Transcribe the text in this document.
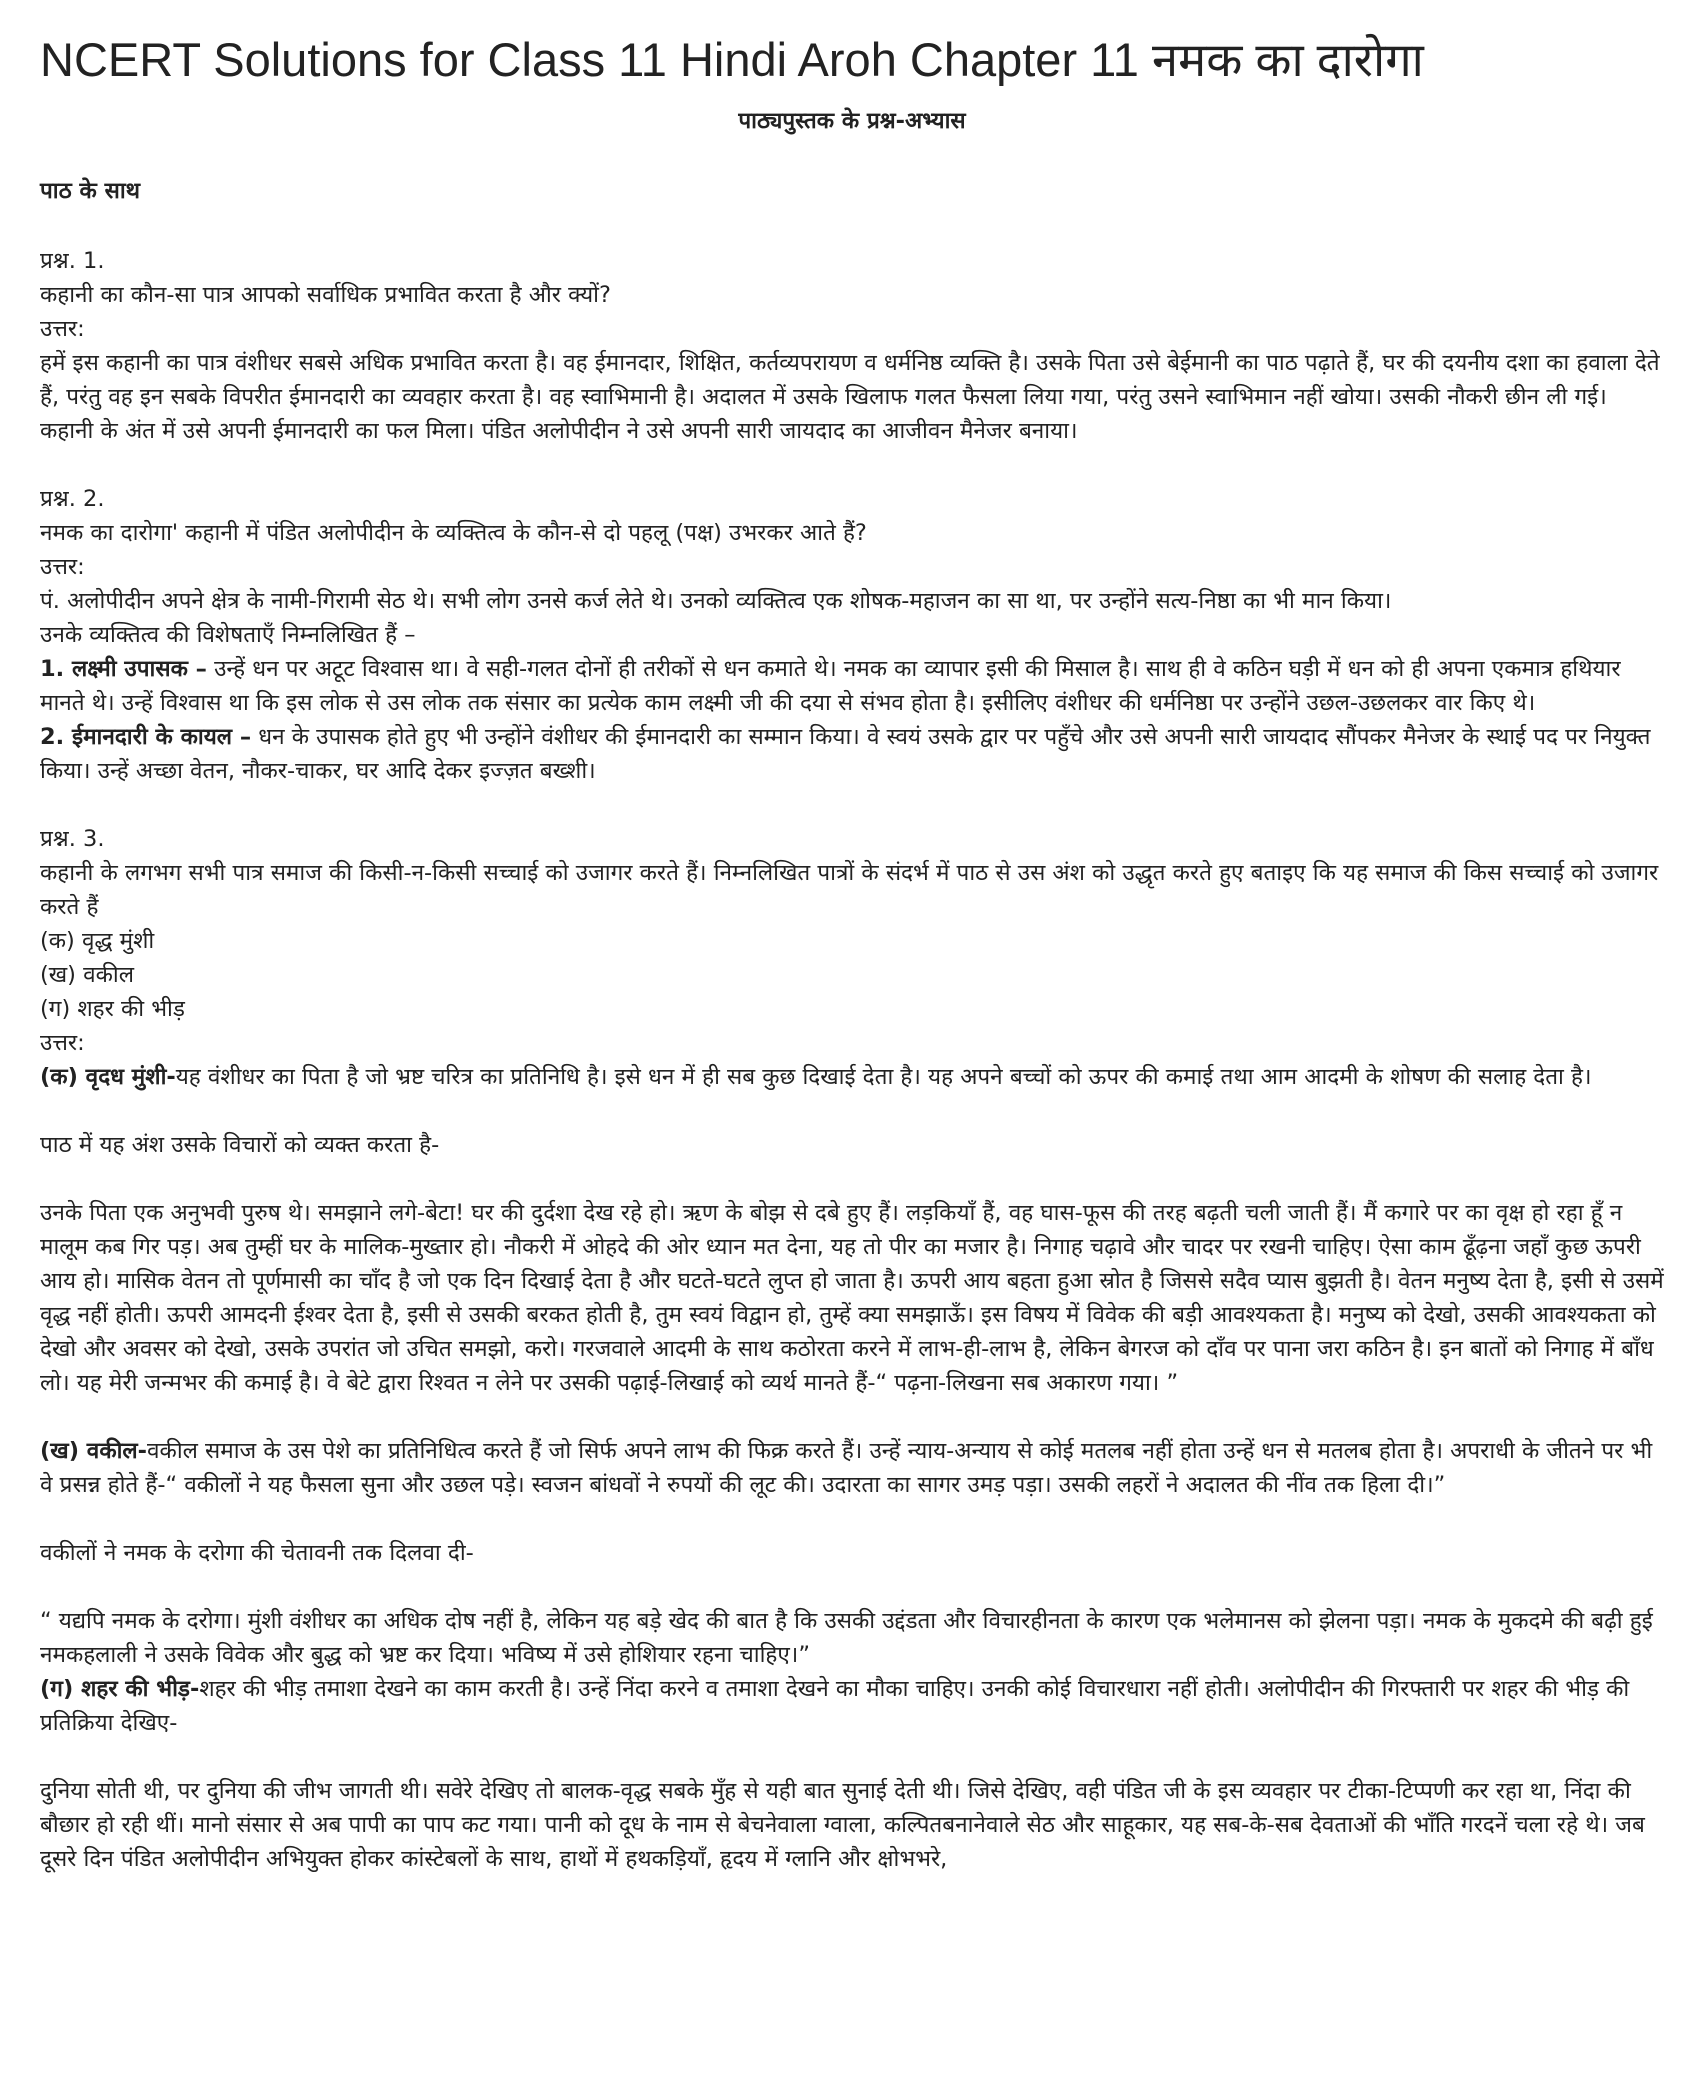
NCERT Solutions for Class 11 Hindi Aroh Chapter 11 नमक का दारोगा
पाठ्यपुस्तक के प्रश्न-अभ्यास
पाठ के साथ
प्रश्न. 1.
कहानी का कौन-सा पात्र आपको सर्वाधिक प्रभावित करता है और क्यों?
उत्तर:
हमें इस कहानी का पात्र वंशीधर सबसे अधिक प्रभावित करता है। वह ईमानदार, शिक्षित, कर्तव्यपरायण व धर्मनिष्ठ व्यक्ति है। उसके पिता उसे बेईमानी का पाठ पढ़ाते हैं, घर की दयनीय दशा का हवाला देते हैं, परंतु वह इन सबके विपरीत ईमानदारी का व्यवहार करता है। वह स्वाभिमानी है। अदालत में उसके खिलाफ गलत फैसला लिया गया, परंतु उसने स्वाभिमान नहीं खोया। उसकी नौकरी छीन ली गई। कहानी के अंत में उसे अपनी ईमानदारी का फल मिला। पंडित अलोपीदीन ने उसे अपनी सारी जायदाद का आजीवन मैनेजर बनाया।
प्रश्न. 2.
नमक का दारोगा' कहानी में पंडित अलोपीदीन के व्यक्तित्व के कौन-से दो पहलू (पक्ष) उभरकर आते हैं?
उत्तर:
पं. अलोपीदीन अपने क्षेत्र के नामी-गिरामी सेठ थे। सभी लोग उनसे कर्ज लेते थे। उनको व्यक्तित्व एक शोषक-महाजन का सा था, पर उन्होंने सत्य-निष्ठा का भी मान किया।
उनके व्यक्तित्व की विशेषताएँ निम्नलिखित हैं –
1. लक्ष्मी उपासक – उन्हें धन पर अटूट विश्वास था। वे सही-गलत दोनों ही तरीकों से धन कमाते थे। नमक का व्यापार इसी की मिसाल है। साथ ही वे कठिन घड़ी में धन को ही अपना एकमात्र हथियार मानते थे। उन्हें विश्वास था कि इस लोक से उस लोक तक संसार का प्रत्येक काम लक्ष्मी जी की दया से संभव होता है। इसीलिए वंशीधर की धर्मनिष्ठा पर उन्होंने उछल-उछलकर वार किए थे।
2. ईमानदारी के कायल – धन के उपासक होते हुए भी उन्होंने वंशीधर की ईमानदारी का सम्मान किया। वे स्वयं उसके द्वार पर पहुँचे और उसे अपनी सारी जायदाद सौंपकर मैनेजर के स्थाई पद पर नियुक्त किया। उन्हें अच्छा वेतन, नौकर-चाकर, घर आदि देकर इज्ज़त बख्शी।
प्रश्न. 3.
कहानी के लगभग सभी पात्र समाज की किसी-न-किसी सच्चाई को उजागर करते हैं। निम्नलिखित पात्रों के संदर्भ में पाठ से उस अंश को उद्धृत करते हुए बताइए कि यह समाज की किस सच्चाई को उजागर करते हैं
(क) वृद्ध मुंशी
(ख) वकील
(ग) शहर की भीड़
उत्तर:
(क) वृदध मुंशी-यह वंशीधर का पिता है जो भ्रष्ट चरित्र का प्रतिनिधि है। इसे धन में ही सब कुछ दिखाई देता है। यह अपने बच्चों को ऊपर की कमाई तथा आम आदमी के शोषण की सलाह देता है।
पाठ में यह अंश उसके विचारों को व्यक्त करता है-
उनके पिता एक अनुभवी पुरुष थे। समझाने लगे-बेटा! घर की दुर्दशा देख रहे हो। ऋण के बोझ से दबे हुए हैं। लड़कियाँ हैं, वह घास-फूस की तरह बढ़ती चली जाती हैं। मैं कगारे पर का वृक्ष हो रहा हूँ न मालूम कब गिर पड़। अब तुम्हीं घर के मालिक-मुख्तार हो। नौकरी में ओहदे की ओर ध्यान मत देना, यह तो पीर का मजार है। निगाह चढ़ावे और चादर पर रखनी चाहिए। ऐसा काम ढूँढ़ना जहाँ कुछ ऊपरी आय हो। मासिक वेतन तो पूर्णमासी का चाँद है जो एक दिन दिखाई देता है और घटते-घटते लुप्त हो जाता है। ऊपरी आय बहता हुआ स्रोत है जिससे सदैव प्यास बुझती है। वेतन मनुष्य देता है, इसी से उसमें वृद्ध नहीं होती। ऊपरी आमदनी ईश्वर देता है, इसी से उसकी बरकत होती है, तुम स्वयं विद्वान हो, तुम्हें क्या समझाऊँ। इस विषय में विवेक की बड़ी आवश्यकता है। मनुष्य को देखो, उसकी आवश्यकता को देखो और अवसर को देखो, उसके उपरांत जो उचित समझो, करो। गरजवाले आदमी के साथ कठोरता करने में लाभ-ही-लाभ है, लेकिन बेगरज को दाँव पर पाना जरा कठिन है। इन बातों को निगाह में बाँध लो। यह मेरी जन्मभर की कमाई है। वे बेटे द्वारा रिश्वत न लेने पर उसकी पढ़ाई-लिखाई को व्यर्थ मानते हैं-“ पढ़ना-लिखना सब अकारण गया। ”
(ख) वकील-वकील समाज के उस पेशे का प्रतिनिधित्व करते हैं जो सिर्फ अपने लाभ की फिक्र करते हैं। उन्हें न्याय-अन्याय से कोई मतलब नहीं होता उन्हें धन से मतलब होता है। अपराधी के जीतने पर भी वे प्रसन्न होते हैं-“ वकीलों ने यह फैसला सुना और उछल पड़े। स्वजन बांधवों ने रुपयों की लूट की। उदारता का सागर उमड़ पड़ा। उसकी लहरों ने अदालत की नींव तक हिला दी।”
वकीलों ने नमक के दरोगा की चेतावनी तक दिलवा दी-
“ यद्यपि नमक के दरोगा। मुंशी वंशीधर का अधिक दोष नहीं है, लेकिन यह बड़े खेद की बात है कि उसकी उद्दंडता और विचारहीनता के कारण एक भलेमानस को झेलना पड़ा। नमक के मुकदमे की बढ़ी हुई नमकहलाली ने उसके विवेक और बुद्ध को भ्रष्ट कर दिया। भविष्य में उसे होशियार रहना चाहिए।”
(ग) शहर की भीड़-शहर की भीड़ तमाशा देखने का काम करती है। उन्हें निंदा करने व तमाशा देखने का मौका चाहिए। उनकी कोई विचारधारा नहीं होती। अलोपीदीन की गिरफ्तारी पर शहर की भीड़ की प्रतिक्रिया देखिए-
दुनिया सोती थी, पर दुनिया की जीभ जागती थी। सवेरे देखिए तो बालक-वृद्ध सबके मुँह से यही बात सुनाई देती थी। जिसे देखिए, वही पंडित जी के इस व्यवहार पर टीका-टिप्पणी कर रहा था, निंदा की बौछार हो रही थीं। मानो संसार से अब पापी का पाप कट गया। पानी को दूध के नाम से बेचनेवाला ग्वाला, कल्पितबनानेवाले सेठ और साहूकार, यह सब-के-सब देवताओं की भाँति गरदनें चला रहे थे। जब दूसरे दिन पंडित अलोपीदीन अभियुक्त होकर कांस्टेबलों के साथ, हाथों में हथकड़ियाँ, हृदय में ग्लानि और क्षोभभरे,
